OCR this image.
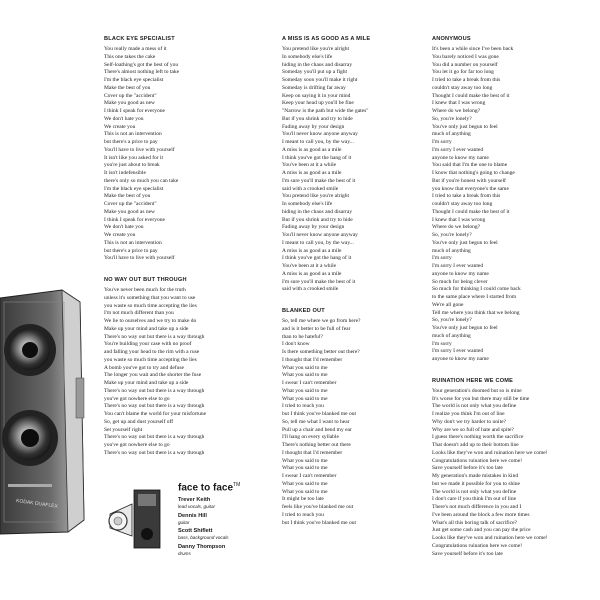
KODAK DUAFLEX
BLACK EYE SPECIALIST
You really made a mess of it
This one takes the cake
Self-loathing's got the best of you
There's almost nothing left to take
I'm the black eye specialist
Make the best of you
Cover up the "accident"
Make you good as new
I think I speak for everyone
We don't hate you
We create you
This is not an intervention
but there's a price to pay
You'll have to live with yourself
It isn't like you asked for it
you're just about to break
It isn't indefensible
there's only so much you can take
I'm the black eye specialist
Make the best of you
Cover up the "accident"
Make you good as new
I think I speak for everyone
We don't hate you
We create you
This is not an intervention
but there's a price to pay
You'll have to live with yourself
NO WAY OUT BUT THROUGH
You've never been much for the truth
unless it's something that you want to use
you waste so much time accepting the lies
I'm not much different than you
We lie to ourselves and we try to make do
Make up your mind and take up a side
There's no way out but there is a way through
You're building your case with no proof
and falling your head to the rim with a ruse
you waste so much time accepting the lies
A bomb you've got to try and defuse
The longer you wait and the shorter the fuse
Make up your mind and take up a side
There's no way out but there is a way through
you've got nowhere else to go
There's no way out but there is a way through
You can't blame the world for your misfortune
So, get up and dust yourself off
Set yourself right
There's no way out but there is a way through
you've got nowhere else to go
There's no way out but there is a way through
A MISS IS AS GOOD AS A MILE
You pretend like you're alright
In somebody else's life
hiding in the chaos and disarray
Someday you'll put up a fight
Someday soon you'll make it right
Someday is drifting far away
Keep on saying it in your mind
Keep your head up you'll be fine
"Narrow is the path but wide the gates"
But if you shrink and try to hide
Fading away by your design
You'll never know anyone anyway
I meant to call you, by the way...
A miss is as good as a mile
I think you've got the hang of it
You've been at it a while
A miss is as good as a mile
I'm sure you'll make the best of it
said with a crooked smile
You pretend like you're alright
In somebody else's life
hiding in the chaos and disarray
But if you shrink and try to hide
Fading away by your design
You'll never know anyone anyway
I meant to call you, by the way...
A miss is as good as a mile
I think you've got the hang of it
You've been at it a while
A miss is as good as a mile
I'm sure you'll make the best of it
said with a crooked smile
BLANKED OUT
So, tell me where we go from here?
and is it better to be full of fear
than to be hateful?
I don't know
Is there something better out there?
I thought that I'd remember
What you said to me
What you said to me
I swear I can't remember
What you said to me
What you said to me
I tried to reach you
but I think you've blanked me out
So, tell me what I want to hear
Pull up a chair and bend my ear
I'll hang on every syllable
There's nothing better out there
I thought that I'd remember
What you said to me
What you said to me
I swear I can't remember
What you said to me
What you said to me
It might be too late
feels like you've blanked me out
I tried to reach you
but I think you've blanked me out
ANONYMOUS
It's been a while since I've been back
You barely noticed I was gone
You did a number on yourself
You let it go for far too long
I tried to take a break from this
couldn't stay away too long
Thought I could make the best of it
I knew that I was wrong
Where do we belong?
So, you're lonely?
You've only just begun to feel
much of anything
I'm sorry
I'm sorry I ever wanted
anyone to know my name
You said that I'm the one to blame
I know that nothing's going to change
But if you're honest with yourself
you know that everyone's the same
I tried to take a break from this
couldn't stay away too long
Thought I could make the best of it
I knew that I was wrong
Where do we belong?
So, you're lonely?
You've only just begun to feel
much of anything
I'm sorry
I'm sorry I ever wanted
anyone to know my name
So much for being clever
So much for thinking I could come back
to the same place where I started from
We're all gone
Tell me where you think that we belong
So, you're lonely?
You've only just begun to feel
much of anything
I'm sorry
I'm sorry I ever wanted
anyone to know my name
RUINATION HERE WE COME
Your generation's doomed but so is mine
It's worse for you but there may still be time
The world is not only what you define
I realize you think I'm out of line
Why don't we try harder to unite?
Why are we so full of hate and spite?
I guess there's nothing worth the sacrifice
That doesn't add up to their bottom line
Looks like they've won and ruination here we come!
Congratulations ruination here we come!
Save yourself before it's too late
My generation's made mistakes in kind
but we made it possible for you to shine
The world is not only what you define
I don't care if you think I'm out of line
There's not much difference in you and I
I've been around the block a few more times
What's all this boring talk of sacrifice?
Just get some cash and you can pay the price
Looks like they've won and ruination here we come!
Congratulations ruination here we come!
Save yourself before it's too late
face to face™
Trever Keith
lead vocals, guitar
Dennis Hill
guitar
Scott Shiflett
bass, background vocals
Danny Thompson
drums
